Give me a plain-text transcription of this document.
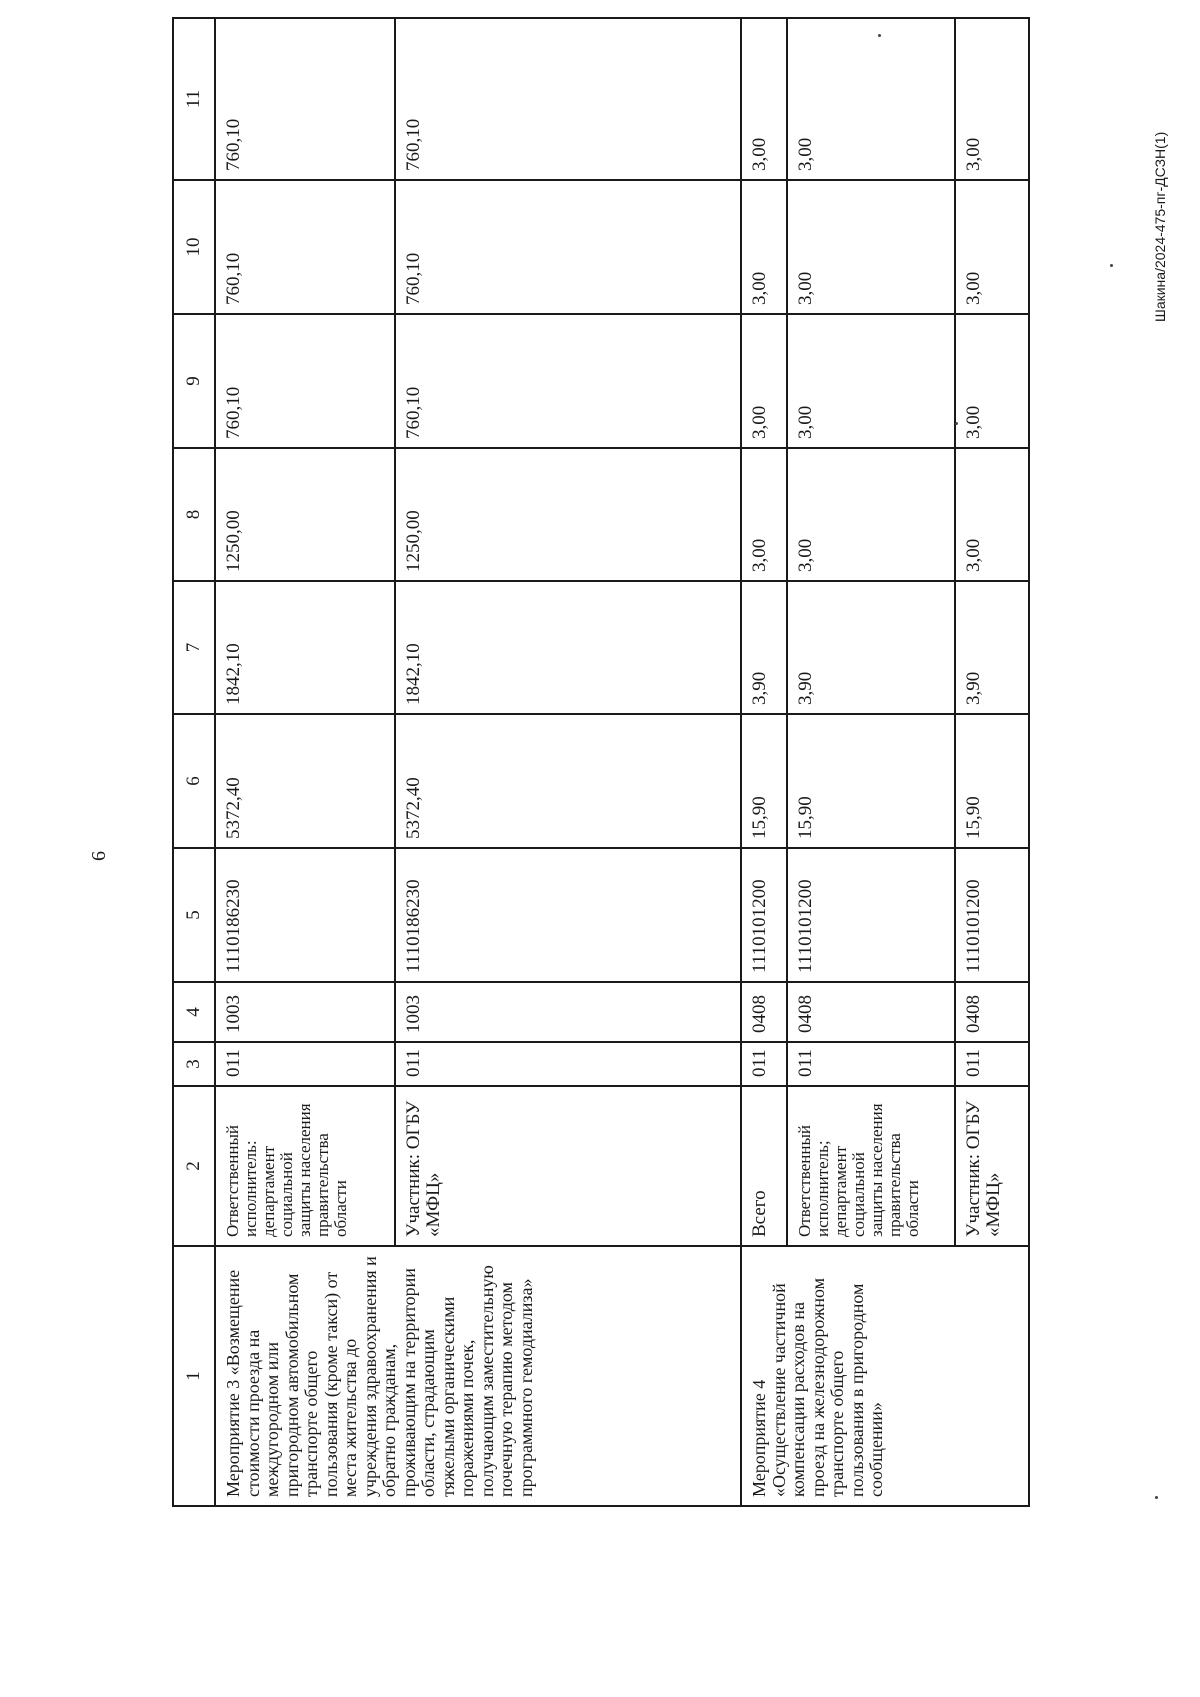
6
1	2	3	4	5	6	7	8	9	10	11
Мероприятие 3 «Возмещение стоимости проезда на междугородном или пригородном автомобильном транспорте общего пользования (кроме такси) от места жительства до учреждения здравоохранения и обратно гражданам, проживающим на территории области, страдающим тяжелыми органическими поражениями почек, получающим заместительную почечную терапию методом программного гемодиализа»	Ответственный исполнитель: департамент социальной защиты населения правительства области	011	1003	1110186230	5372,40	1842,10	1250,00	760,10	760,10	760,10
	Участник: ОГБУ «МФЦ»	011	1003	1110186230	5372,40	1842,10	1250,00	760,10	760,10	760,10
Мероприятие 4 «Осуществление частичной компенсации расходов на проезд на железнодорожном транспорте общего пользования в пригородном сообщении»	Всего	011	0408	1110101200	15,90	3,90	3,00	3,00	3,00	3,00
	Ответственный исполнитель; департамент социальной защиты населения правительства области	011	0408	1110101200	15,90	3,90	3,00	3,00	3,00	3,00
	Участник: ОГБУ «МФЦ»	011	0408	1110101200	15,90	3,90	3,00	3,00	3,00	3,00	Шакина/2024-475-пг-ДСЗН(1)
